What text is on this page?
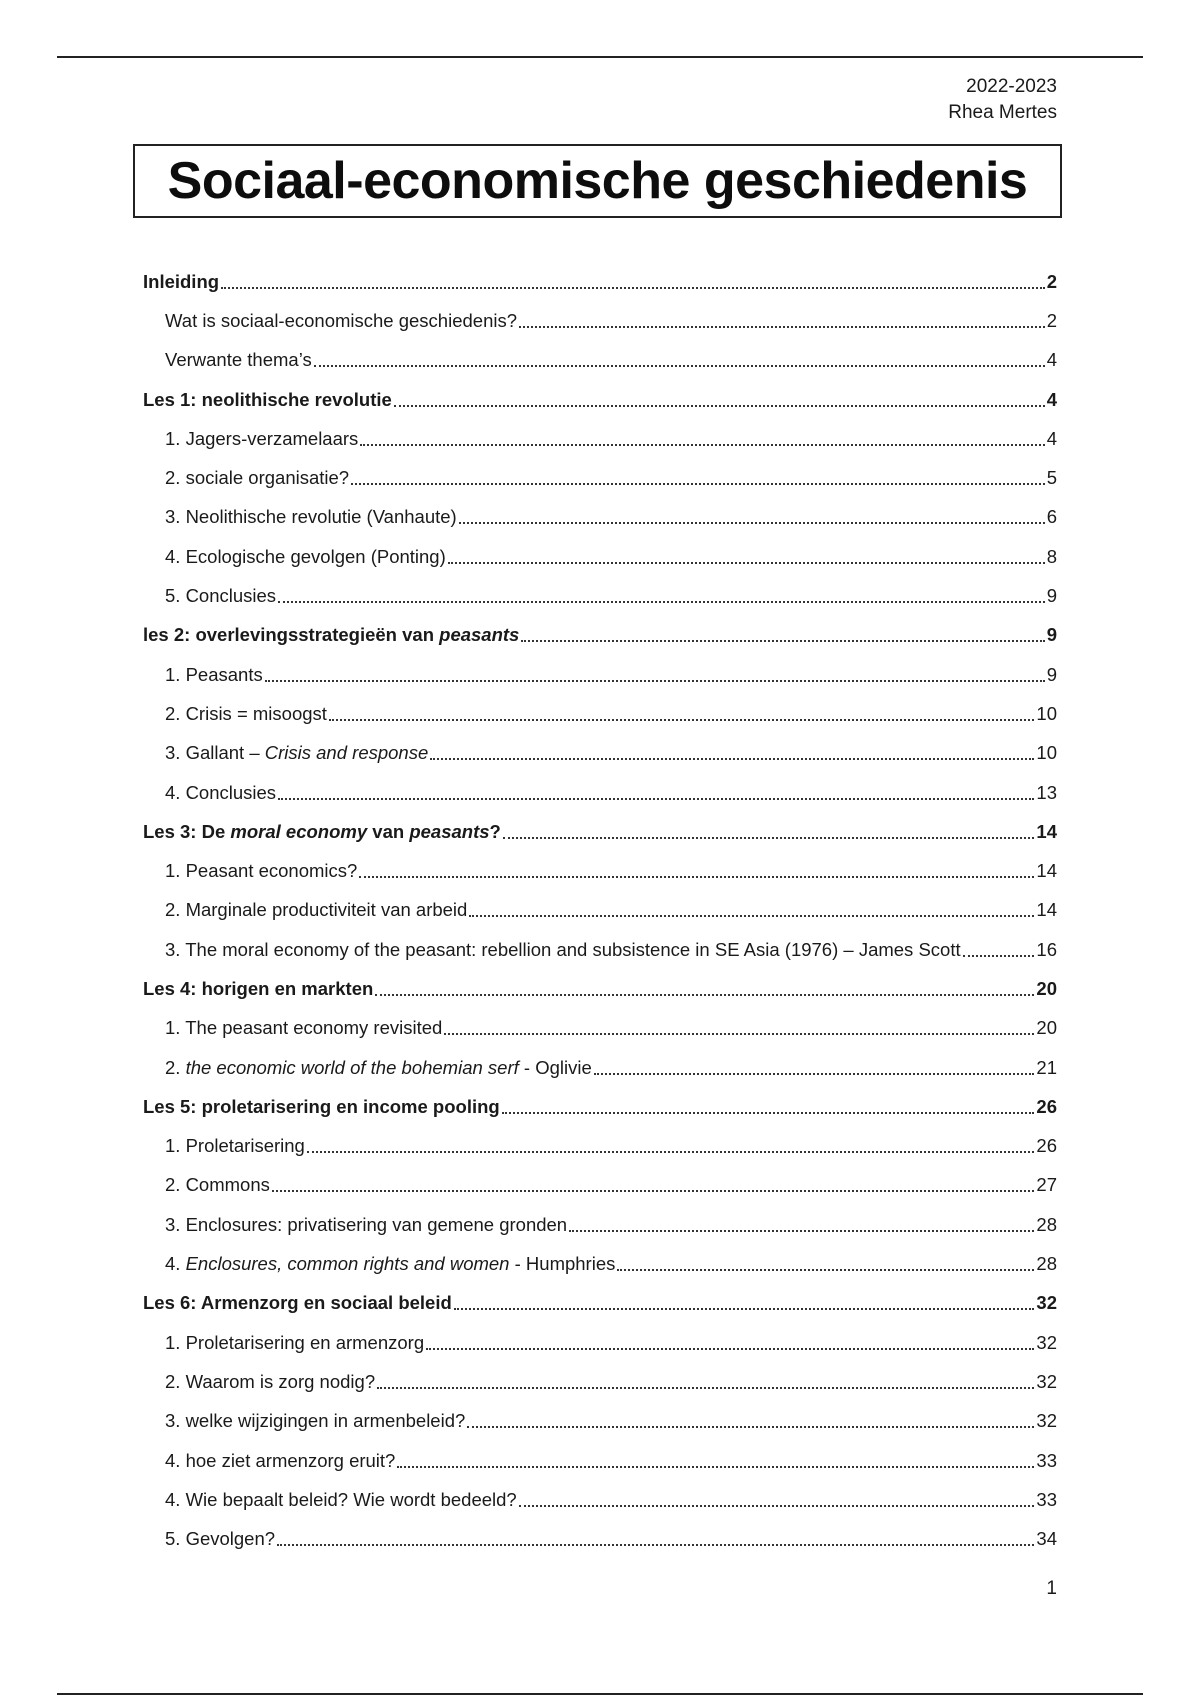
2022-2023
Rhea Mertes
Sociaal-economische geschiedenis
Inleiding	2
Wat is sociaal-economische geschiedenis?	2
Verwante thema’s	4
Les 1: neolithische revolutie	4
1. Jagers-verzamelaars	4
2. sociale organisatie?	5
3. Neolithische revolutie (Vanhaute)	6
4. Ecologische gevolgen (Ponting)	8
5. Conclusies	9
les 2: overlevingsstrategieën van peasants	9
1. Peasants	9
2. Crisis = misoogst	10
3. Gallant – Crisis and response	10
4. Conclusies	13
Les 3: De moral economy van peasants?	14
1. Peasant economics?	14
2. Marginale productiviteit van arbeid	14
3. The moral economy of the peasant: rebellion and subsistence in SE Asia (1976) – James Scott	16
Les 4: horigen en markten	20
1. The peasant economy revisited	20
2. the economic world of the bohemian serf - Oglivie	21
Les 5: proletarisering en income pooling	26
1. Proletarisering	26
2. Commons	27
3. Enclosures: privatisering van gemene gronden	28
4. Enclosures, common rights and women - Humphries	28
Les 6: Armenzorg en sociaal beleid	32
1. Proletarisering en armenzorg	32
2. Waarom is zorg nodig?	32
3. welke wijzigingen in armenbeleid?	32
4. hoe ziet armenzorg eruit?	33
4. Wie bepaalt beleid? Wie wordt bedeeld?	33
5. Gevolgen?	34
1
